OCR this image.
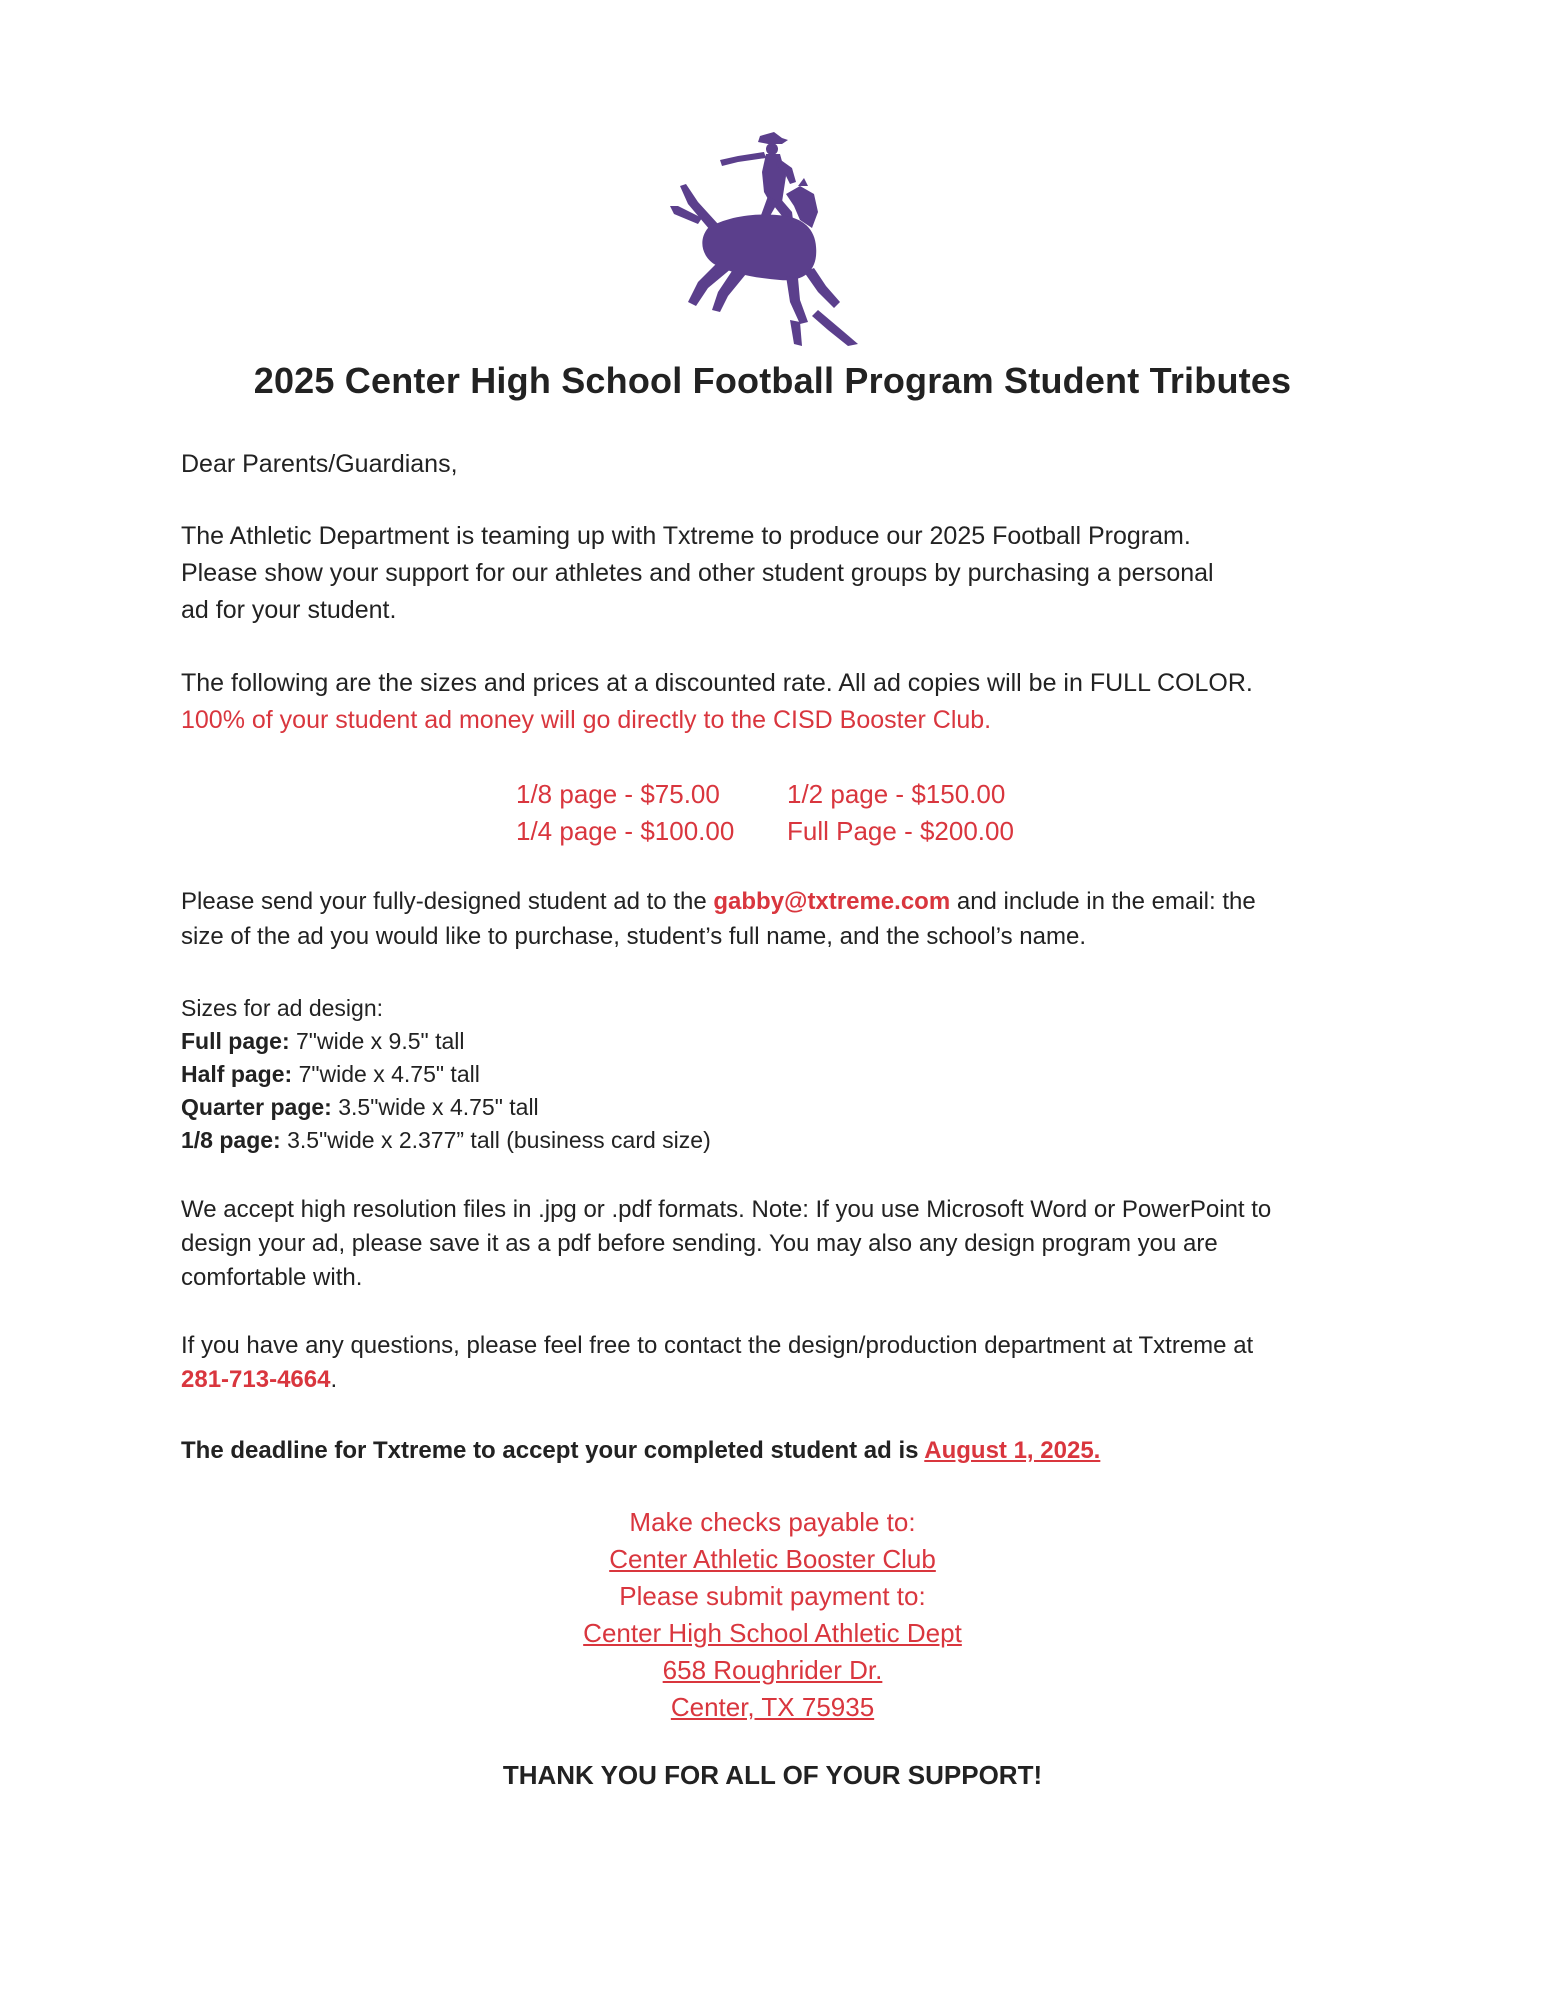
2025 Center High School Football Program Student Tributes
Dear Parents/Guardians,
The Athletic Department is teaming up with Txtreme to produce our 2025 Football Program.
Please show your support for our athletes and other student groups by purchasing a personal
ad for your student.
The following are the sizes and prices at a discounted rate. All ad copies will be in FULL COLOR.
100% of your student ad money will go directly to the CISD Booster Club.
1/8 page - $75.00	1/2 page - $150.00
1/4 page - $100.00 Full Page - $200.00
Please send your fully-designed student ad to the gabby@txtreme.com and include in the email: the
size of the ad you would like to purchase, student’s full name, and the school’s name.
Sizes for ad design:
Full page: 7"wide x 9.5" tall
Half page: 7"wide x 4.75" tall
Quarter page: 3.5"wide x 4.75" tall
1/8 page: 3.5"wide x 2.377” tall (business card size)
We accept high resolution files in .jpg or .pdf formats. Note: If you use Microsoft Word or PowerPoint to
design your ad, please save it as a pdf before sending. You may also any design program you are
comfortable with.
If you have any questions, please feel free to contact the design/production department at Txtreme at
281-713-4664.
The deadline for Txtreme to accept your completed student ad is August 1, 2025.
Make checks payable to:
Center Athletic Booster Club
Please submit payment to:
Center High School Athletic Dept
658 Roughrider Dr.
Center, TX 75935
THANK YOU FOR ALL OF YOUR SUPPORT!
